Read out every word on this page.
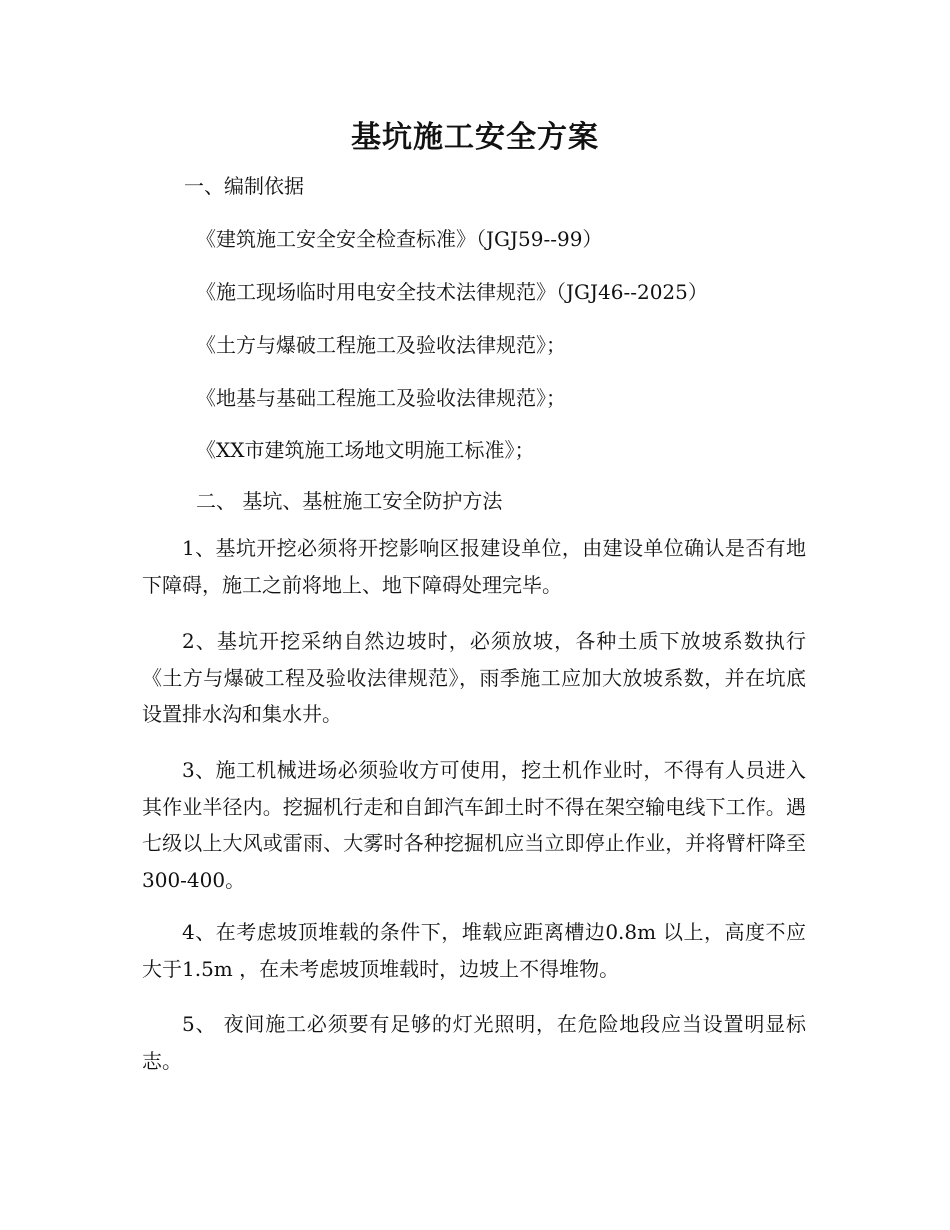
基坑施工安全方案
一、编制依据
《建筑施工安全安全检查标准》（JGJ59--99）
《施工现场临时用电安全技术法律规范》（JGJ46--2025）
《土方与爆破工程施工及验收法律规范》；
《地基与基础工程施工及验收法律规范》；
《XX市建筑施工场地文明施工标准》；
二、 基坑、基桩施工安全防护方法
1、基坑开挖必须将开挖影响区报建设单位，由建设单位确认是否有地下障碍，施工之前将地上、地下障碍处理完毕。
2、基坑开挖采纳自然边坡时，必须放坡，各种土质下放坡系数执行《土方与爆破工程及验收法律规范》，雨季施工应加大放坡系数，并在坑底设置排水沟和集水井。
3、施工机械进场必须验收方可使用，挖土机作业时，不得有人员进入其作业半径内。挖掘机行走和自卸汽车卸土时不得在架空输电线下工作。遇七级以上大风或雷雨、大雾时各种挖掘机应当立即停止作业，并将臂杆降至300-400。
4、在考虑坡顶堆载的条件下，堆载应距离槽边0.8m 以上，高度不应大于1.5m ，在未考虑坡顶堆载时，边坡上不得堆物。
5、 夜间施工必须要有足够的灯光照明，在危险地段应当设置明显标志。
